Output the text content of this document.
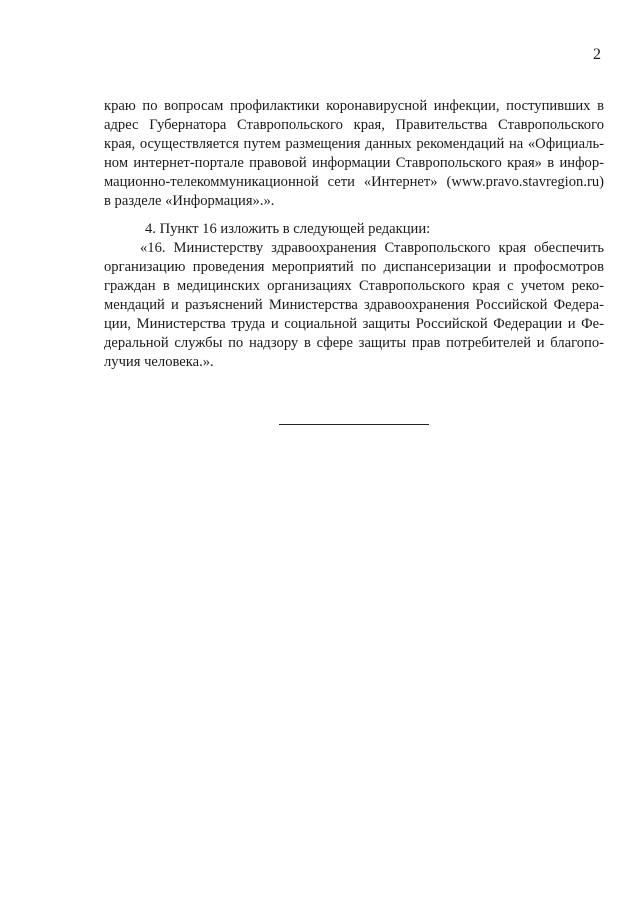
2
краю по вопросам профилактики коронавирусной инфекции, поступивших в
адрес Губернатора Ставропольского края, Правительства Ставропольского
края, осуществляется путем размещения данных рекомендаций на «Официаль-
ном интернет-портале правовой информации Ставропольского края» в инфор-
мационно-телекоммуникационной сети «Интернет» (www.pravo.stavregion.ru)
в разделе «Информация».».
4. Пункт 16 изложить в следующей редакции:
«16. Министерству здравоохранения Ставропольского края обеспечить
организацию проведения мероприятий по диспансеризации и профосмотров
граждан в медицинских организациях Ставропольского края с учетом реко-
мендаций и разъяснений Министерства здравоохранения Российской Федера-
ции, Министерства труда и социальной защиты Российской Федерации и Фе-
деральной службы по надзору в сфере защиты прав потребителей и благопо-
лучия человека.».
